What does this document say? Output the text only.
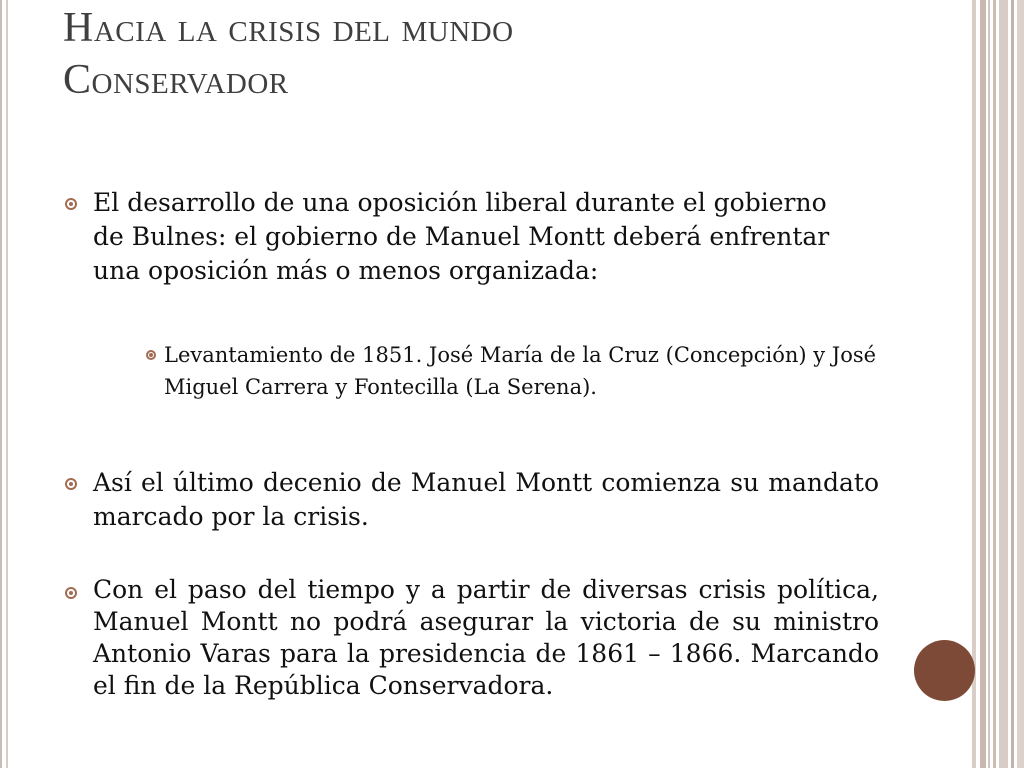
Hacia la crisis del mundo
Conservador
El desarrollo de una oposición liberal durante el gobierno de Bulnes: el gobierno de Manuel Montt deberá enfrentar una oposición más o menos organizada:
Levantamiento de 1851. José María de la Cruz (Concepción) y José Miguel Carrera y Fontecilla (La Serena).
Así el último decenio de Manuel Montt comienza su mandato marcado por la crisis.
Con el paso del tiempo y a partir de diversas crisis política, Manuel Montt no podrá asegurar la victoria de su ministro Antonio Varas para la presidencia de 1861 – 1866. Marcando el fin de la República Conservadora.
